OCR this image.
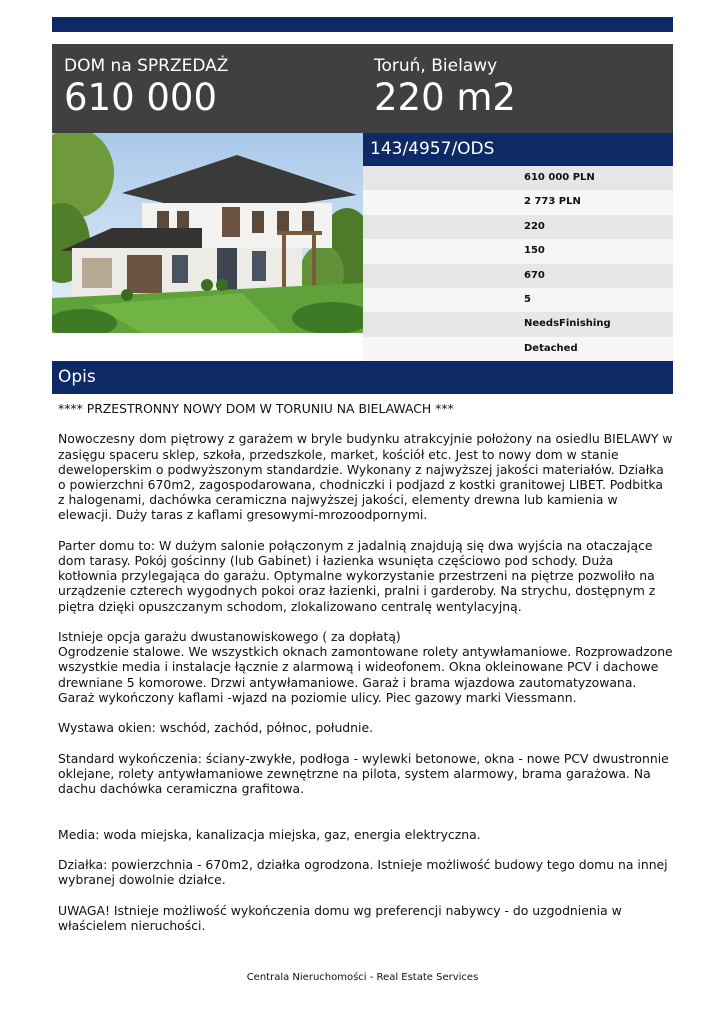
DOM na SPRZEDAŻ
610 000
Toruń, Bielawy
220 m2
143/4957/ODS
610 000 PLN
2 773 PLN
220
150
670
5
NeedsFinishing
Detached
Opis

**** PRZESTRONNY NOWY DOM W TORUNIU NA BIELAWACH ***

Nowoczesny dom piętrowy z garażem w bryle budynku atrakcyjnie położony na osiedlu BIELAWY w zasięgu spaceru sklep, szkoła, przedszkole, market, kościół etc. Jest to nowy dom w stanie deweloperskim o podwyższonym standardzie. Wykonany z najwyższej jakości materiałów. Działka o powierzchni 670m2, zagospodarowana, chodniczki i podjazd z kostki granitowej LIBET. Podbitka z halogenami, dachówka ceramiczna najwyższej jakości, elementy drewna lub kamienia w elewacji. Duży taras z kaflami gresowymi-mrozoodpornymi.

Parter domu to: W dużym salonie połączonym z jadalnią znajdują się dwa wyjścia na otaczające dom tarasy. Pokój gościnny (lub Gabinet) i łazienka wsunięta częściowo pod schody. Duża kotłownia przylegająca do garażu. Optymalne wykorzystanie przestrzeni na piętrze pozwoliło na urządzenie czterech wygodnych pokoi oraz łazienki, pralni i garderoby. Na strychu, dostępnym z piętra dzięki opuszczanym schodom, zlokalizowano centralę wentylacyjną.

Istnieje opcja garażu dwustanowiskowego ( za dopłatą)

Ogrodzenie stalowe. We wszystkich oknach zamontowane rolety antywłamaniowe. Rozprowadzone wszystkie media i instalacje łącznie z alarmową i wideofonem. Okna okleinowane PCV i dachowe drewniane 5 komorowe. Drzwi antywłamaniowe. Garaż i brama wjazdowa zautomatyzowana. Garaż wykończony kaflami -wjazd na poziomie ulicy. Piec gazowy marki Viessmann.

Wystawa okien: wschód, zachód, północ, południe.

Standard wykończenia: ściany-zwykłe, podłoga - wylewki betonowe, okna - nowe PCV dwustronnie oklejane, rolety antywłamaniowe zewnętrzne na pilota, system alarmowy, brama garażowa. Na dachu dachówka ceramiczna grafitowa.

Media: woda miejska, kanalizacja miejska, gaz, energia elektryczna.

Działka: powierzchnia - 670m2, działka ogrodzona. Istnieje możliwość budowy tego domu na innej wybranej dowolnie działce.

UWAGA! Istnieje możliwość wykończenia domu wg preferencji nabywcy - do uzgodnienia w właścielem nieruchości.

Centrala Nieruchomości - Real Estate Services
